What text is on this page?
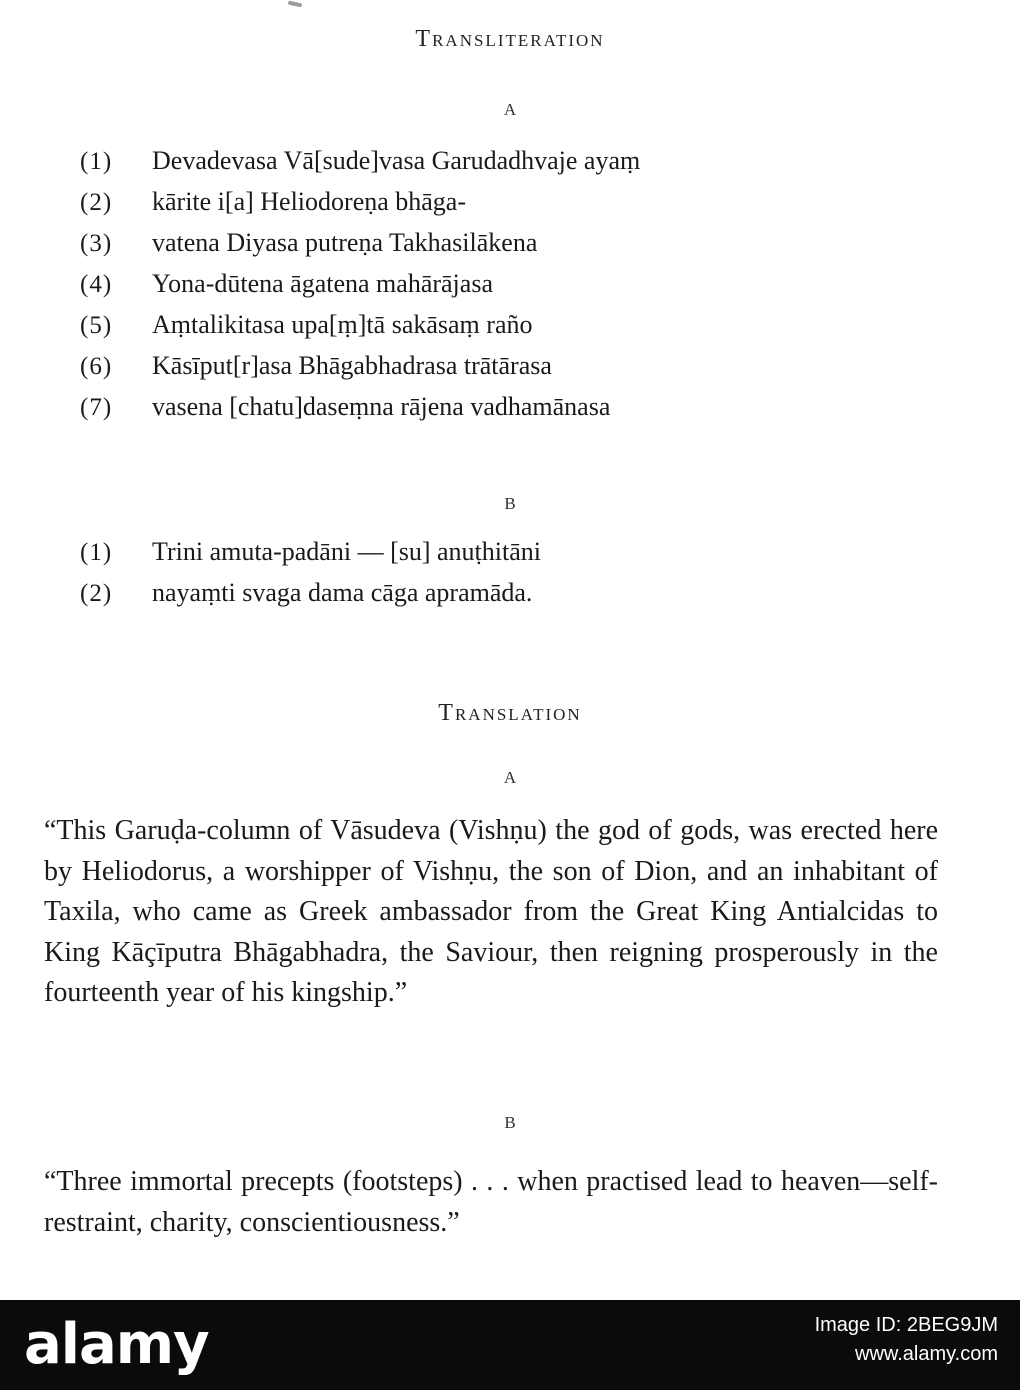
Transliteration
A
(1)	Devadevasa Vā[sude]vasa Garudadhvaje ayaṃ
(2)	kārite i[a] Heliodoreṇa bhāga-
(3)	vatena Diyasa putreṇa Takhasilākena
(4)	Yona-dūtena āgatena mahārājasa
(5)	Aṃtalikitasa upa[ṃ]tā sakāsaṃ raño
(6)	Kāsīput[r]asa Bhāgabhadrasa trātārasa
(7)	vasena [chatu]daseṃna rājena vadhamānasa
B
(1)	Trini amuta-padāni — [su] anuṭhitāni
(2)	nayaṃti svaga dama cāga apramāda.
Translation
A

“This Garuḍa-column of Vāsudeva (Vishṇu) the god of gods, was erected here by Heliodorus, a worshipper of Vishṇu, the son of Dion, and an inhabitant of Taxila, who came as Greek ambassador from the Great King Antialcidas to King Kāçīputra Bhāgabhadra, the Saviour, then reigning prosperously in the fourteenth year of his kingship.”

B

“Three immortal precepts (footsteps) . . . when practised lead to heaven—self-restraint, charity, conscientiousness.”

alamy	Image ID: 2BEG9JM
www.alamy.com
